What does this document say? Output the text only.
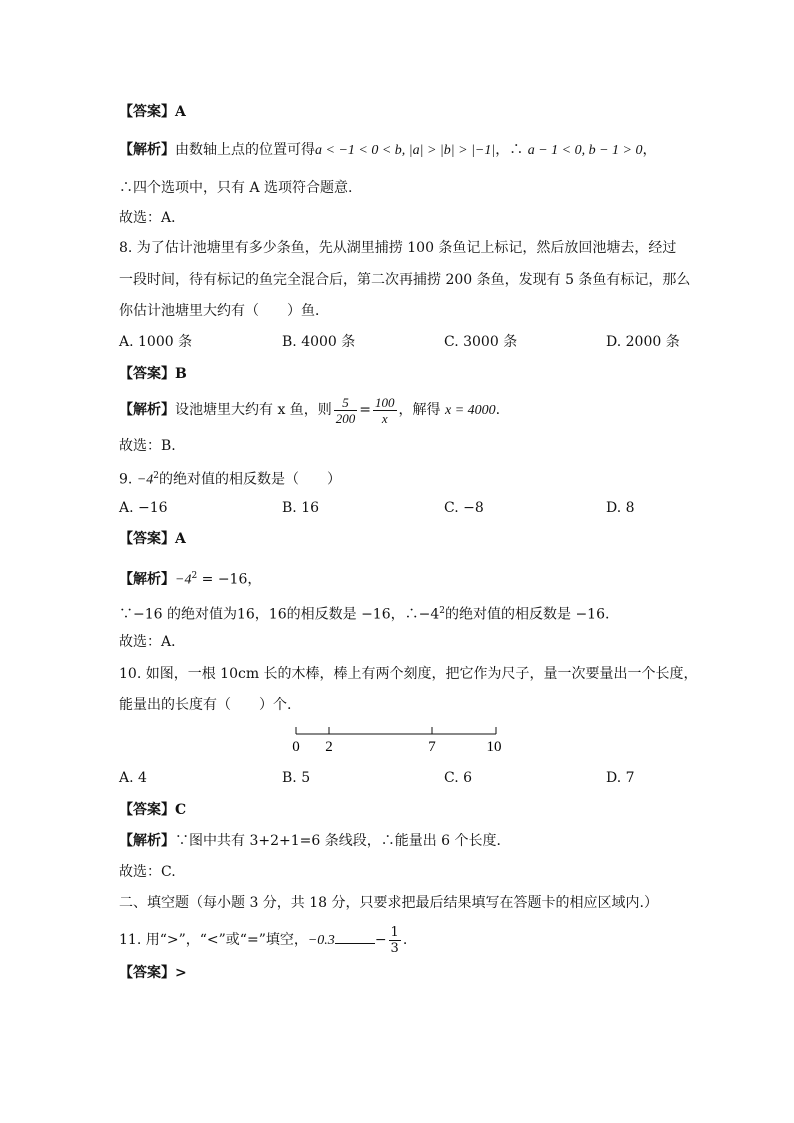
【答案】A
【解析】由数轴上点的位置可得a < −1 < 0 < b, |a| > |b| > |−1|，∴ a − 1 < 0, b − 1 > 0，
∴四个选项中，只有 A 选项符合题意.
故选：A．
8. 为了估计池塘里有多少条鱼，先从湖里捕捞 100 条鱼记上标记，然后放回池塘去，经过
一段时间，待有标记的鱼完全混合后，第二次再捕捞 200 条鱼，发现有 5 条鱼有标记，那么
你估计池塘里大约有（　　）鱼．
A. 1000 条	B. 4000 条	C. 3000 条	D. 2000 条
【答案】B
【解析】设池塘里大约有 x 鱼，则 $\frac{5}{200} = \frac{100}{x}$ ，解得 x = 4000.
故选：B.
9. $-4^2$的绝对值的相反数是（　　）
A. −16	B. 16	C. −8	D. 8
【答案】A
【解析】$-4^2 = -16$，
∵−16 的绝对值为16，16的相反数是 −16，$\therefore-4^2$的绝对值的相反数是 −16.
故选：A．
10. 如图，一根 10cm 长的木棒，棒上有两个刻度，把它作为尺子，量一次要量出一个长度，
能量出的长度有（　　）个.
0 2	7	10
A. 4	B. 5	C. 6	D. 7
【答案】C
【解析】∵图中共有 3+2+1=6 条线段，∴能量出 6 个长度．
故选：C.
二、填空题（每小题 3 分，共 18 分，只要求把最后结果填写在答题卡的相应区域内.）
11. 用“>”，“<”或“=”填空，−0.3	− $\frac{1}{3}$ .
【答案】>
